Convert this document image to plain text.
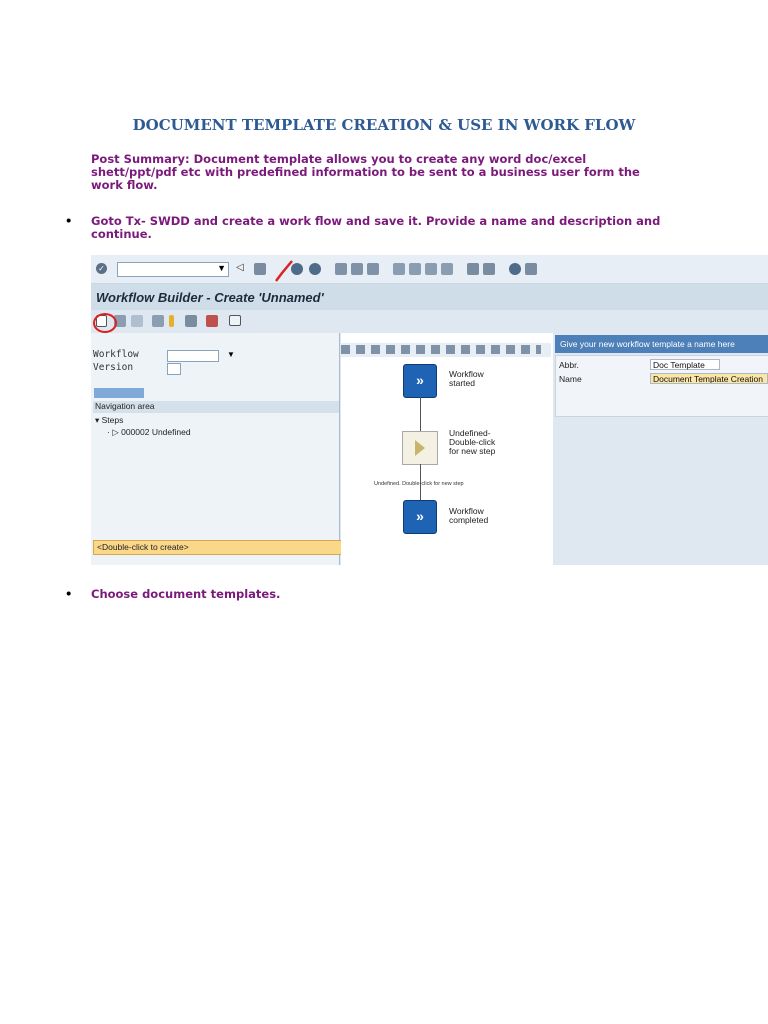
DOCUMENT TEMPLATE CREATION & USE IN WORK FLOW
Post Summary: Document template allows you to create any word doc/excel shett/ppt/pdf etc with predefined information to be sent to a business user form the work flow.
• Goto Tx- SWDD and create a work flow and save it. Provide a name and description and continue.
✓	▼ ◁
Workflow Builder - Create 'Unnamed'
Workflow	▼
Version
Navigation area
▾ Steps
· ▷ 000002 Undefined
<Double-click to create>
»	Workflow started
Undefined- Double-click for new step
Undefined. Double-click for new step
»	Workflow completed
Give your new workflow template a name here
Abbr.	Doc Template
Name	Document Template Creation
• Choose document templates.
